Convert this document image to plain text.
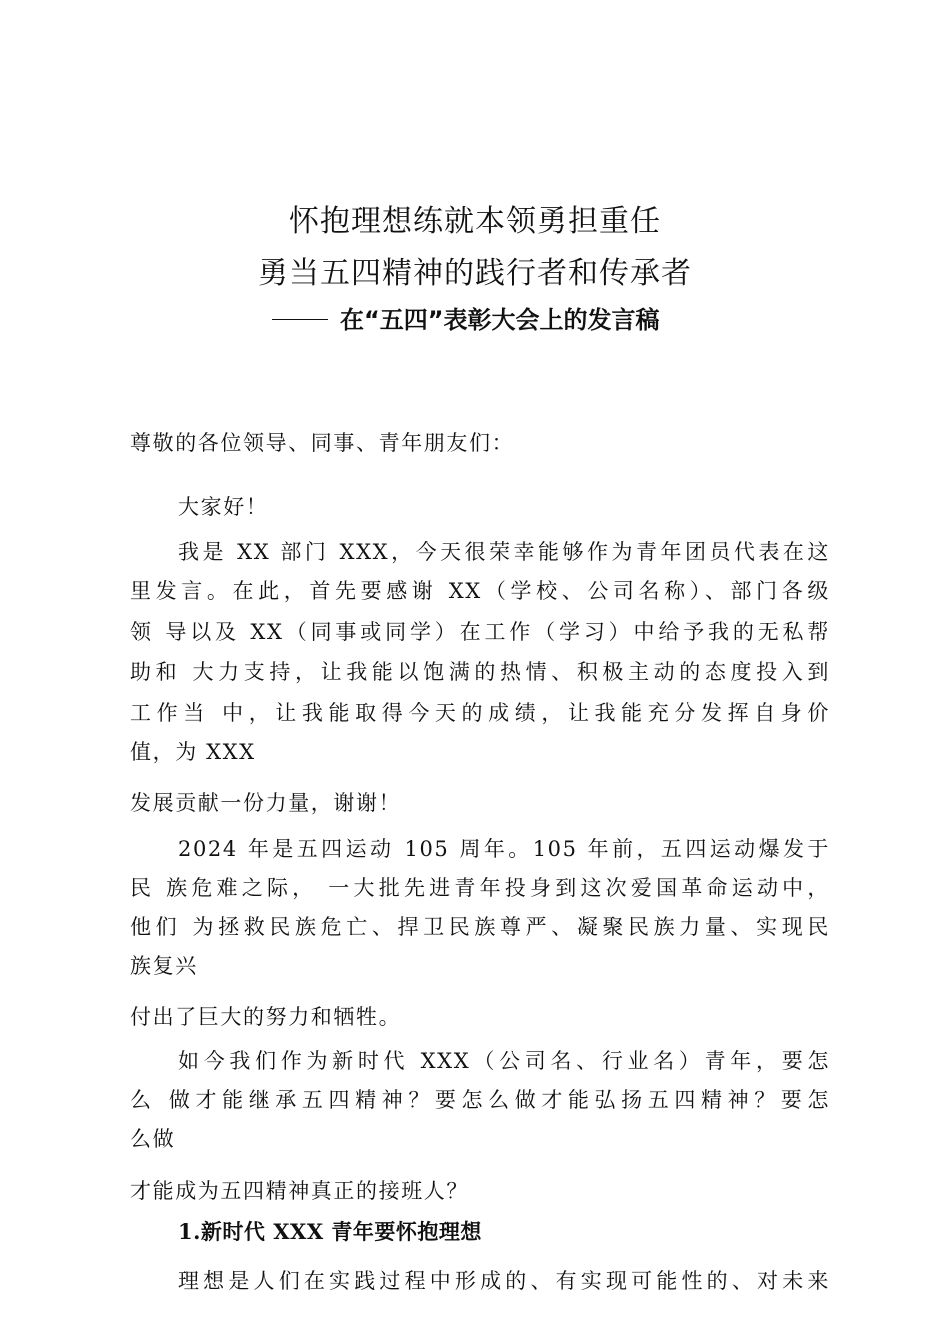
怀抱理想练就本领勇担重任
勇当五四精神的践行者和传承者
在“五四”表彰大会上的发言稿
尊敬的各位领导、同事、青年朋友们：
大家好！
我是 XX 部门 XXX，今天很荣幸能够作为青年团员代表在这
里发言。在此，首先要感谢 XX（学校、公司名称）、部门各级
领 导以及 XX（同事或同学）在工作（学习）中给予我的无私帮
助和 大力支持，让我能以饱满的热情、积极主动的态度投入到
工作当 中，让我能取得今天的成绩，让我能充分发挥自身价
值，为 XXX
发展贡献一份力量，谢谢！
2024 年是五四运动 105 周年。105 年前，五四运动爆发于
民 族危难之际， 一大批先进青年投身到这次爱国革命运动中，
他们 为拯救民族危亡、捍卫民族尊严、凝聚民族力量、实现民
族复兴
付出了巨大的努力和牺牲。
如今我们作为新时代 XXX（公司名、行业名）青年，要怎
么 做才能继承五四精神？要怎么做才能弘扬五四精神？要怎
么做
才能成为五四精神真正的接班人？
1.新时代 XXX 青年要怀抱理想
理想是人们在实践过程中形成的、有实现可能性的、对未来
